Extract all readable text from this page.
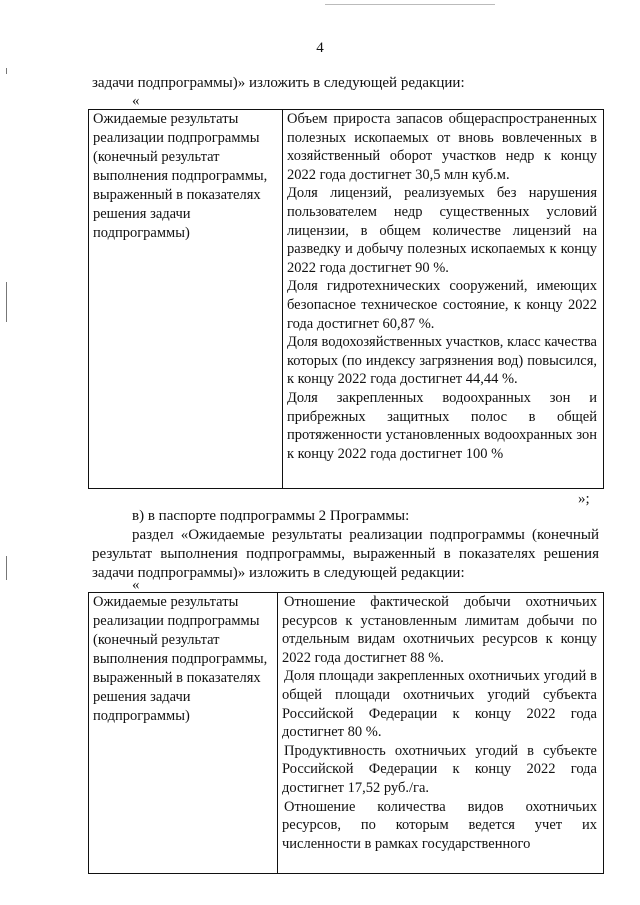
4
задачи подпрограммы)» изложить в следующей редакции:
«
Ожидаемые результаты реализации подпрограммы (конечный результат выполнения подпрограммы, выраженный в показателях решения задачи подпрограммы)

Объем прироста запасов общераспространенных полезных ископаемых от вновь вовлеченных в хозяйственный оборот участков недр к концу 2022 года достигнет 30,5 млн куб.м.

Доля лицензий, реализуемых без нарушения пользователем недр существенных условий лицензии, в общем количестве лицензий на разведку и добычу полезных ископаемых к концу 2022 года достигнет 90 %.

Доля гидротехнических сооружений, имеющих безопасное техническое состояние, к концу 2022 года достигнет 60,87 %.

Доля водохозяйственных участков, класс качества которых (по индексу загрязнения вод) повысился, к концу 2022 года достигнет 44,44 %.

Доля закрепленных водоохранных зон и прибрежных защитных полос в общей протяженности установленных водоохранных зон к концу 2022 года достигнет 100 %

»;
в) в паспорте подпрограммы 2 Программы:
раздел «Ожидаемые результаты реализации подпрограммы (конечный результат выполнения подпрограммы, выраженный в показателях решения задачи подпрограммы)» изложить в следующей редакции:
«
Ожидаемые результаты реализации подпрограммы (конечный результат выполнения подпрограммы, выраженный в показателях решения задачи подпрограммы)

Отношение фактической добычи охотничьих ресурсов к установленным лимитам добычи по отдельным видам охотничьих ресурсов к концу 2022 года достигнет 88 %.

Доля площади закрепленных охотничьих угодий в общей площади охотничьих угодий субъекта Российской Федерации к концу 2022 года достигнет 80 %.

Продуктивность охотничьих угодий в субъекте Российской Федерации к концу 2022 года достигнет 17,52 руб./га.

Отношение количества видов охотничьих ресурсов, по которым ведется учет их численности в рамках государственного
